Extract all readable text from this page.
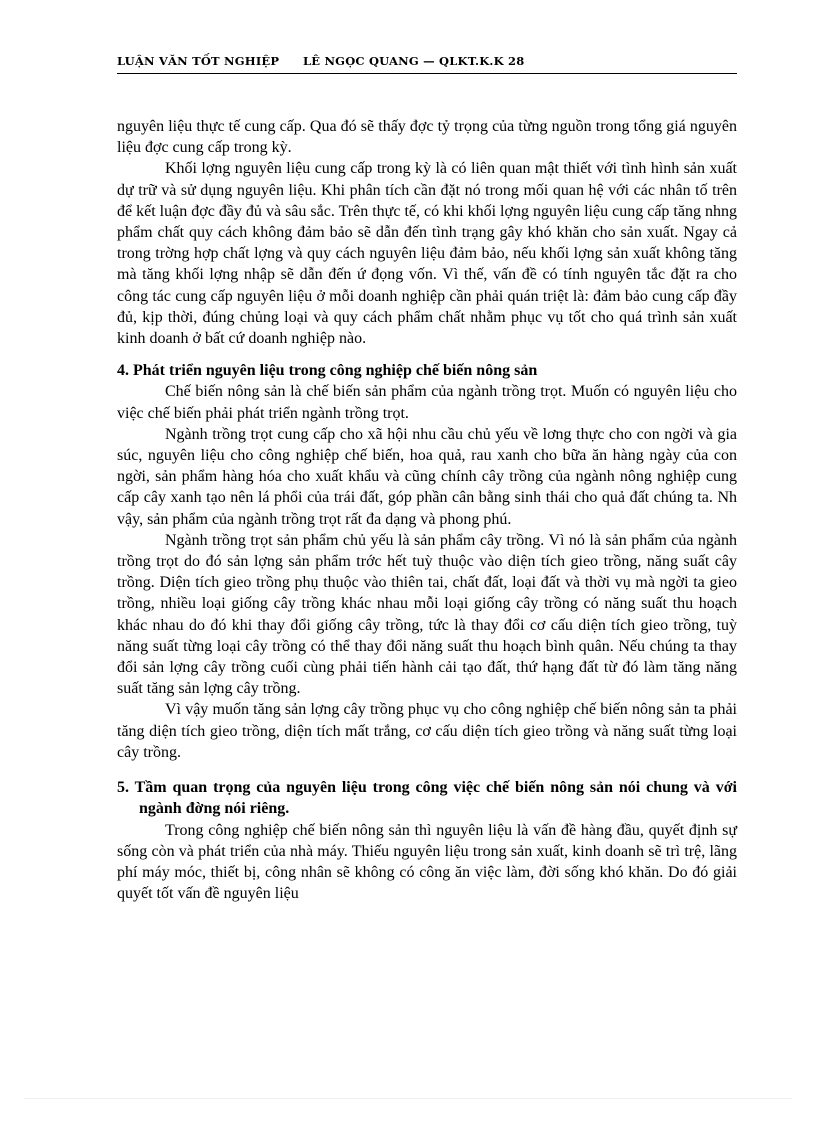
LUẬN VĂN TỐT NGHIỆP LÊ NGỌC QUANG — QLKT.K.K 28

nguyên liệu thực tế cung cấp. Qua đó sẽ thấy đợc tỷ trọng của từng nguồn trong tổng giá nguyên liệu đợc cung cấp trong kỳ.

Khối lợng nguyên liệu cung cấp trong kỳ là có liên quan mật thiết với tình hình sản xuất dự trữ và sử dụng nguyên liệu. Khi phân tích cần đặt nó trong mối quan hệ với các nhân tố trên để kết luận đợc đầy đủ và sâu sắc. Trên thực tế, có khi khối lợng nguyên liệu cung cấp tăng nhng phẩm chất quy cách không đảm bảo sẽ dẫn đến tình trạng gây khó khăn cho sản xuất. Ngay cả trong trờng hợp chất lợng và quy cách nguyên liệu đảm bảo, nếu khối lợng sản xuất không tăng mà tăng khối lợng nhập sẽ dẫn đến ứ đọng vốn. Vì thế, vấn đề có tính nguyên tắc đặt ra cho công tác cung cấp nguyên liệu ở mỗi doanh nghiệp cần phải quán triệt là: đảm bảo cung cấp đầy đủ, kịp thời, đúng chủng loại và quy cách phẩm chất nhằm phục vụ tốt cho quá trình sản xuất kinh doanh ở bất cứ doanh nghiệp nào.

4. Phát triển nguyên liệu trong công nghiệp chế biến nông sản

Chế biến nông sản là chế biến sản phẩm của ngành trồng trọt. Muốn có nguyên liệu cho việc chế biến phải phát triển ngành trồng trọt.

Ngành trồng trọt cung cấp cho xã hội nhu cầu chủ yếu về lơng thực cho con ngời và gia súc, nguyên liệu cho công nghiệp chế biến, hoa quả, rau xanh cho bữa ăn hàng ngày của con ngời, sản phẩm hàng hóa cho xuất khẩu và cũng chính cây trồng của ngành nông nghiệp cung cấp cây xanh tạo nên lá phổi của trái đất, góp phần cân bằng sinh thái cho quả đất chúng ta. Nh vậy, sản phẩm của ngành trồng trọt rất đa dạng và phong phú.

Ngành trồng trọt sản phẩm chủ yếu là sản phẩm cây trồng. Vì nó là sản phẩm của ngành trồng trọt do đó sản lợng sản phẩm trớc hết tuỳ thuộc vào diện tích gieo trồng, năng suất cây trồng. Diện tích gieo trồng phụ thuộc vào thiên tai, chất đất, loại đất và thời vụ mà ngời ta gieo trồng, nhiều loại giống cây trồng khác nhau mỗi loại giống cây trồng có năng suất thu hoạch khác nhau do đó khi thay đổi giống cây trồng, tức là thay đổi cơ cấu diện tích gieo trồng, tuỳ năng suất từng loại cây trồng có thể thay đổi năng suất thu hoạch bình quân. Nếu chúng ta thay đổi sản lợng cây trồng cuối cùng phải tiến hành cải tạo đất, thứ hạng đất từ đó làm tăng năng suất tăng sản lợng cây trồng.

Vì vậy muốn tăng sản lợng cây trồng phục vụ cho công nghiệp chế biến nông sản ta phải tăng diện tích gieo trồng, diện tích mất trắng, cơ cấu diện tích gieo trồng và năng suất từng loại cây trồng.

5. Tầm quan trọng của nguyên liệu trong công việc chế biến nông sản nói chung và với ngành đờng nói riêng.

Trong công nghiệp chế biến nông sản thì nguyên liệu là vấn đề hàng đầu, quyết định sự sống còn và phát triển của nhà máy. Thiếu nguyên liệu trong sản xuất, kinh doanh sẽ trì trệ, lãng phí máy móc, thiết bị, công nhân sẽ không có công ăn việc làm, đời sống khó khăn. Do đó giải quyết tốt vấn đề nguyên liệu
